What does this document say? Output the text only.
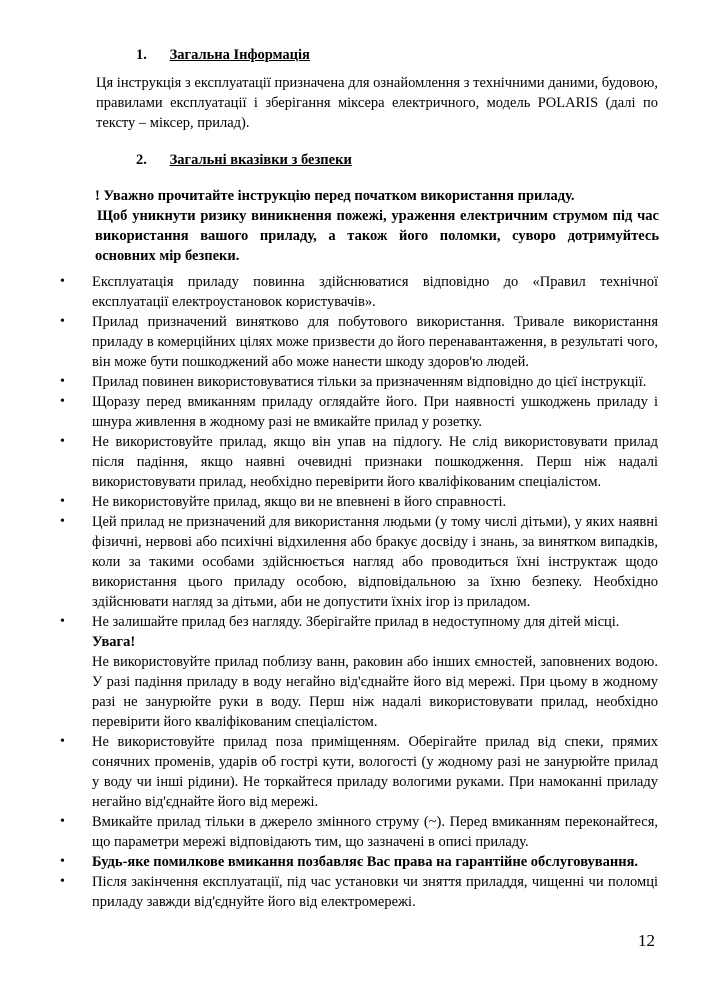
1. Загальна Інформація
Ця інструкція з експлуатації призначена для ознайомлення з технічними даними, будовою, правилами експлуатації і зберігання міксера електричного, модель POLARIS (далі по тексту – міксер, прилад).
2. Загальні вказівки з безпеки

! Уважно прочитайте інструкцію перед початком використання приладу.

Щоб уникнути ризику виникнення пожежі, ураження електричним струмом під час використання вашого приладу, а також його поломки, суворо дотримуйтесь основних мір безпеки.

•	Експлуатація приладу повинна здійснюватися відповідно до «Правил технічної експлуатації електроустановок користувачів».
•	Прилад призначений винятково для побутового використання. Тривале використання приладу в комерційних цілях може призвести до його перенавантаження, в результаті чого, він може бути пошкоджений або може нанести шкоду здоров'ю людей.
•	Прилад повинен використовуватися тільки за призначенням відповідно до цієї інструкції.
•	Щоразу перед вмиканням приладу оглядайте його. При наявності ушкоджень приладу і шнура живлення в жодному разі не вмикайте прилад у розетку.
•	Не використовуйте прилад, якщо він упав на підлогу. Не слід використовувати прилад після падіння, якщо наявні очевидні признаки пошкодження. Перш ніж надалі використовувати прилад, необхідно перевірити його кваліфікованим спеціалістом.
•	Не використовуйте прилад, якщо ви не впевнені в його справності.
•	Цей прилад не призначений для використання людьми (у тому числі дітьми), у яких наявні фізичні, нервові або психічні відхилення або бракує досвіду і знань, за винятком випадків, коли за такими особами здійснюється нагляд або проводиться їхні інструктаж щодо використання цього приладу особою, відповідальною за їхню безпеку. Необхідно здійснювати нагляд за дітьми, аби не допустити їхніх ігор із приладом.
•	Не залишайте прилад без нагляду. Зберігайте прилад в недоступному для дітей місці.
Увага!
Не використовуйте прилад поблизу ванн, раковин або інших ємностей, заповнених водою. У разі падіння приладу в воду негайно від'єднайте його від мережі. При цьому в жодному разі не занурюйте руки в воду. Перш ніж надалі використовувати прилад, необхідно перевірити його кваліфікованим спеціалістом.
•	Не використовуйте прилад поза приміщенням. Оберігайте прилад від спеки, прямих сонячних променів, ударів об гострі кути, вологості (у жодному разі не занурюйте прилад у воду чи інші рідини). Не торкайтеся приладу вологими руками. При намоканні приладу негайно від'єднайте його від мережі.
•	Вмикайте прилад тільки в джерело змінного струму (~). Перед вмиканням переконайтеся, що параметри мережі відповідають тим, що зазначені в описі приладу.
•	Будь-яке помилкове вмикання позбавляє Вас права на гарантійне обслуговування.
•	Після закінчення експлуатації, під час установки чи зняття приладдя, чищенні чи поломці приладу завжди від'єднуйте його від електромережі.
12
